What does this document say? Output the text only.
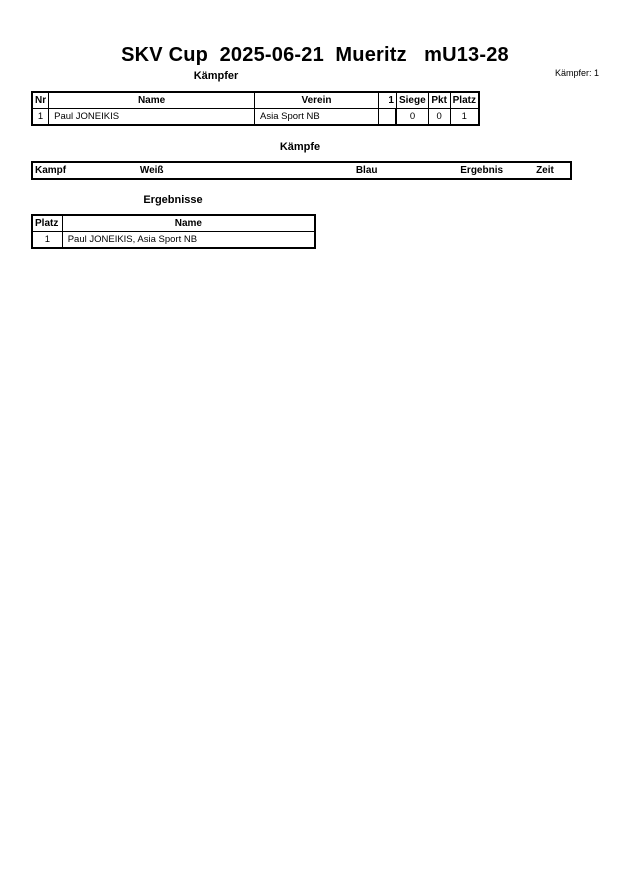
SKV Cup  2025-06-21  Mueritz   mU13-28
Kämpfer: 1
Kämpfer
Nr	Name	Verein	1	Siege	Pkt	Platz
1	Paul JONEIKIS	Asia Sport NB		0	0	1
Kämpfe
Kampf	Weiß	Blau	Ergebnis	Zeit
Ergebnisse
Platz	Name
1	Paul JONEIKIS, Asia Sport NB
